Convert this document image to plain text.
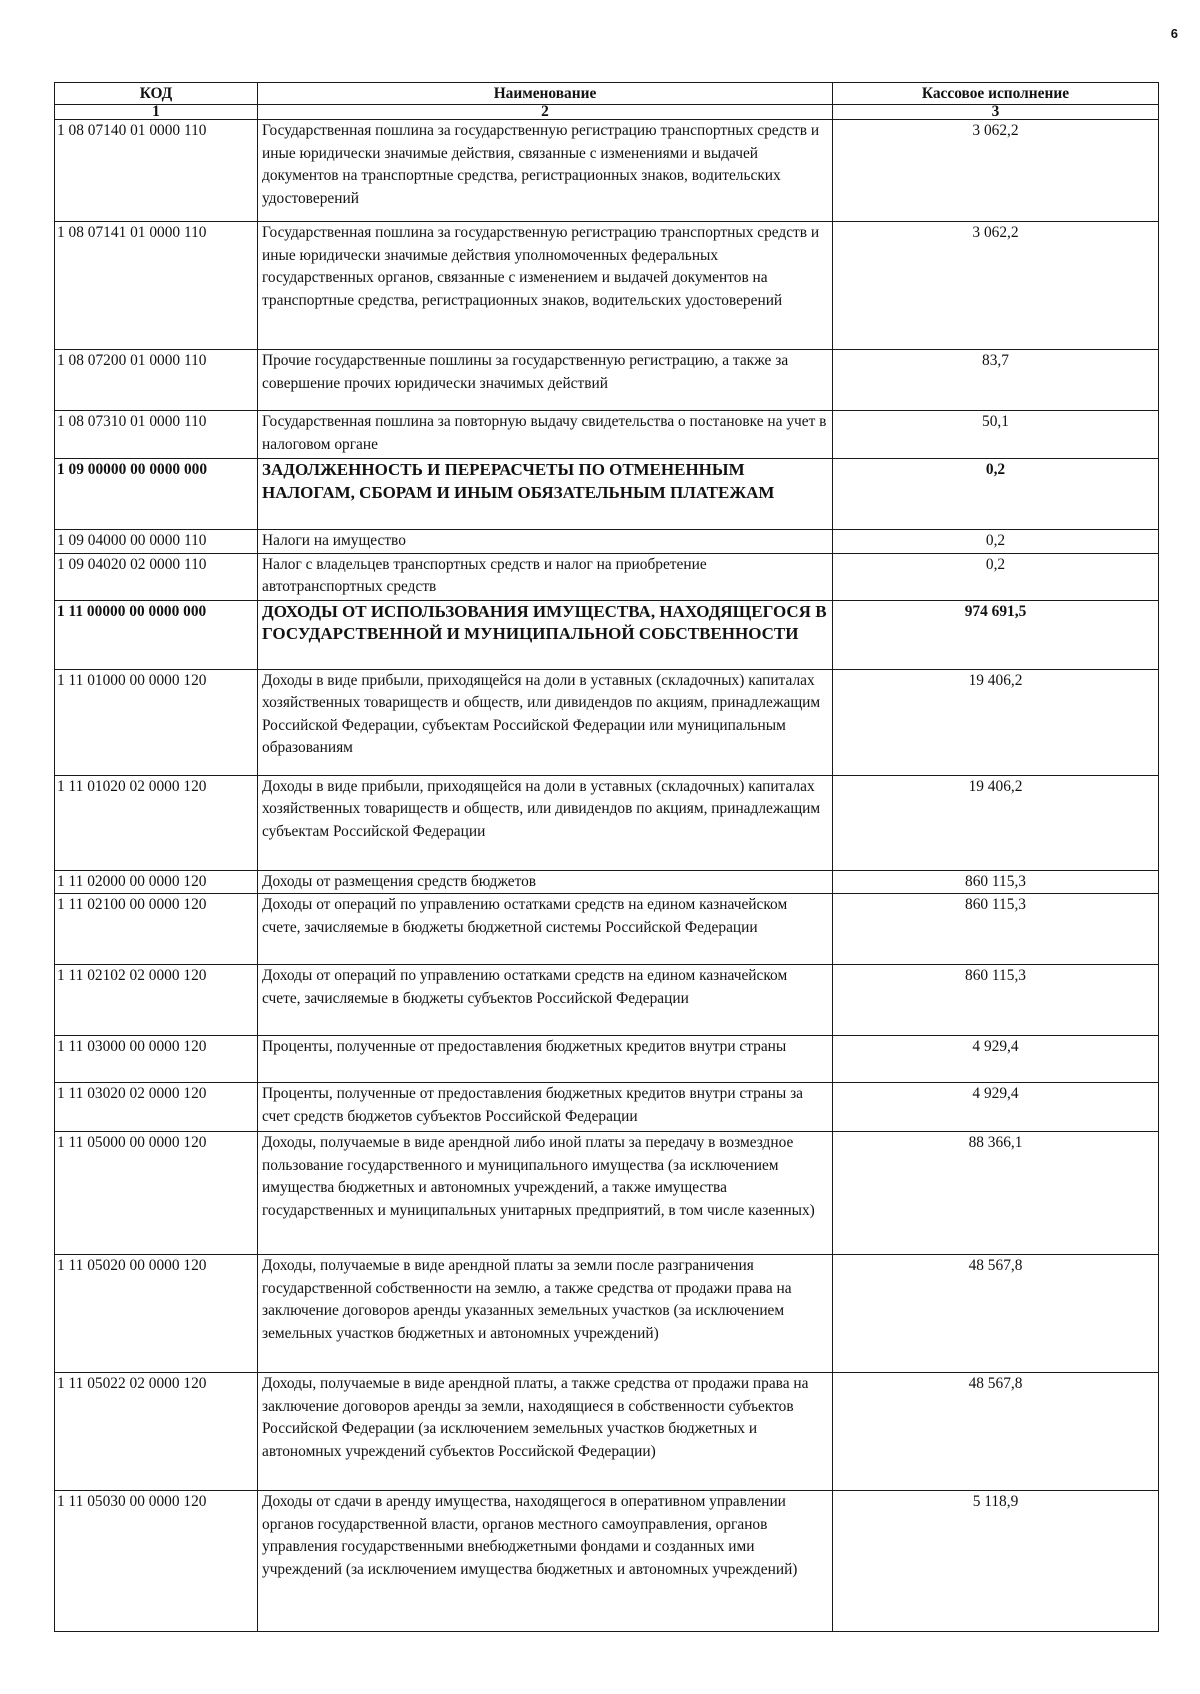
6
КОД	Наименование	Кассовое исполнение
1	2	3
1 08 07140 01 0000 110	Государственная пошлина за государственную регистрацию транспортных средств и иные юридически значимые действия, связанные с изменениями и выдачей документов на транспортные средства, регистрационных знаков, водительских удостоверений	3 062,2
1 08 07141 01 0000 110	Государственная пошлина за государственную регистрацию транспортных средств и иные юридически значимые действия уполномоченных федеральных государственных органов, связанные с изменением и выдачей документов на транспортные средства, регистрационных знаков, водительских удостоверений	3 062,2
1 08 07200 01 0000 110	Прочие государственные пошлины за государственную регистрацию, а также за совершение прочих юридически значимых действий	83,7
1 08 07310 01 0000 110	Государственная пошлина за повторную выдачу свидетельства о постановке на учет в налоговом органе	50,1
1 09 00000 00 0000 000	ЗАДОЛЖЕННОСТЬ И ПЕРЕРАСЧЕТЫ ПО ОТМЕНЕННЫМ НАЛОГАМ, СБОРАМ И ИНЫМ ОБЯЗАТЕЛЬНЫМ ПЛАТЕЖАМ	0,2
1 09 04000 00 0000 110	Налоги на имущество	0,2
1 09 04020 02 0000 110	Налог с владельцев транспортных средств и налог на приобретение автотранспортных средств	0,2
1 11 00000 00 0000 000	ДОХОДЫ ОТ ИСПОЛЬЗОВАНИЯ ИМУЩЕСТВА, НАХОДЯЩЕГОСЯ В ГОСУДАРСТВЕННОЙ И МУНИЦИПАЛЬНОЙ СОБСТВЕННОСТИ	974 691,5
1 11 01000 00 0000 120	Доходы в виде прибыли, приходящейся на доли в уставных (складочных) капиталах хозяйственных товариществ и обществ, или дивидендов по акциям, принадлежащим Российской Федерации, субъектам Российской Федерации или муниципальным образованиям	19 406,2
1 11 01020 02 0000 120	Доходы в виде прибыли, приходящейся на доли в уставных (складочных) капиталах хозяйственных товариществ и обществ, или дивидендов по акциям, принадлежащим субъектам Российской Федерации	19 406,2
1 11 02000 00 0000 120	Доходы от размещения средств бюджетов	860 115,3
1 11 02100 00 0000 120	Доходы от операций по управлению остатками средств на едином казначейском счете, зачисляемые в бюджеты бюджетной системы Российской Федерации	860 115,3
1 11 02102 02 0000 120	Доходы от операций по управлению остатками средств на едином казначейском счете, зачисляемые в бюджеты субъектов Российской Федерации	860 115,3
1 11 03000 00 0000 120	Проценты, полученные от предоставления бюджетных кредитов внутри страны	4 929,4
1 11 03020 02 0000 120	Проценты, полученные от предоставления бюджетных кредитов внутри страны за счет средств бюджетов субъектов Российской Федерации	4 929,4
1 11 05000 00 0000 120	Доходы, получаемые в виде арендной либо иной платы за передачу в возмездное пользование государственного и муниципального имущества (за исключением имущества бюджетных и автономных учреждений, а также имущества государственных и муниципальных унитарных предприятий, в том числе казенных)	88 366,1
1 11 05020 00 0000 120	Доходы, получаемые в виде арендной платы за земли после разграничения государственной собственности на землю, а также средства от продажи права на заключение договоров аренды указанных земельных участков (за исключением земельных участков бюджетных и автономных учреждений)	48 567,8
1 11 05022 02 0000 120	Доходы, получаемые в виде арендной платы, а также средства от продажи права на заключение договоров аренды за земли, находящиеся в собственности субъектов Российской Федерации (за исключением земельных участков бюджетных и автономных учреждений субъектов Российской Федерации)	48 567,8
1 11 05030 00 0000 120	Доходы от сдачи в аренду имущества, находящегося в оперативном управлении органов государственной власти, органов местного самоуправления, органов управления государственными внебюджетными фондами и созданных ими учреждений (за исключением имущества бюджетных и автономных учреждений)	5 118,9
